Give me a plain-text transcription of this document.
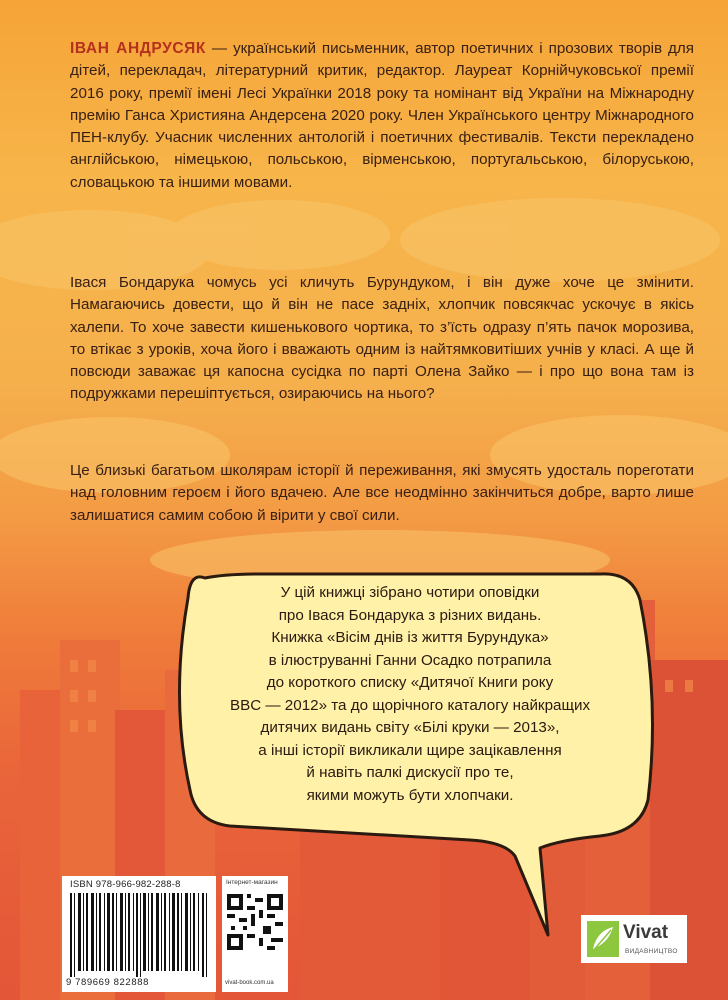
ІВАН АНДРУСЯК — український письменник, автор поетичних і прозових творів для дітей, перекладач, літературний критик, редактор. Лауреат Корнійчуковської премії 2016 року, премії імені Лесі Українки 2018 року та номінант від України на Міжнародну премію Ганса Християна Андерсена 2020 року. Член Українського центру Міжнародного ПЕН-клубу. Учасник численних антологій і поетичних фестивалів. Тексти перекладено англійською, німецькою, польською, вірменською, португальською, білоруською, словацькою та іншими мовами.

Івася Бондарука чомусь усі кличуть Бурундуком, і він дуже хоче це змінити. Намагаючись довести, що й він не пасе задніх, хлопчик повсякчас ускочує в якісь халепи. То хоче завести кишенькового чортика, то з’їсть одразу п’ять пачок морозива, то втікає з уроків, хоча його і вважають одним із найтямковитіших учнів у класі. А ще й повсюди заважає ця капосна сусідка по парті Олена Зайко — і про що вона там із подружками перешіптується, озираючись на нього?

Це близькі багатьом школярам історії й переживання, які змусять удосталь пореготати над головним героєм і його вдачею. Але все неодмінно закінчиться добре, варто лише залишатися самим собою й вірити у свої сили.

У цій книжці зібрано чотири оповідки
про Івася Бондарука з різних видань.
Книжка «Вісім днів із життя Бурундука»
в ілюструванні Ганни Осадко потрапила
до короткого списку «Дитячої Книги року
BBC — 2012» та до щорічного каталогу найкращих
дитячих видань світу «Білі круки — 2013»,
а інші історії викликали щире зацікавлення
й навіть палкі дискусії про те,
якими можуть бути хлопчаки.
ISBN 978-966-982-288-8
9 789669 822888
Інтернет-магазин
vivat-book.com.ua
Vivat
ВИДАВНИЦТВО
